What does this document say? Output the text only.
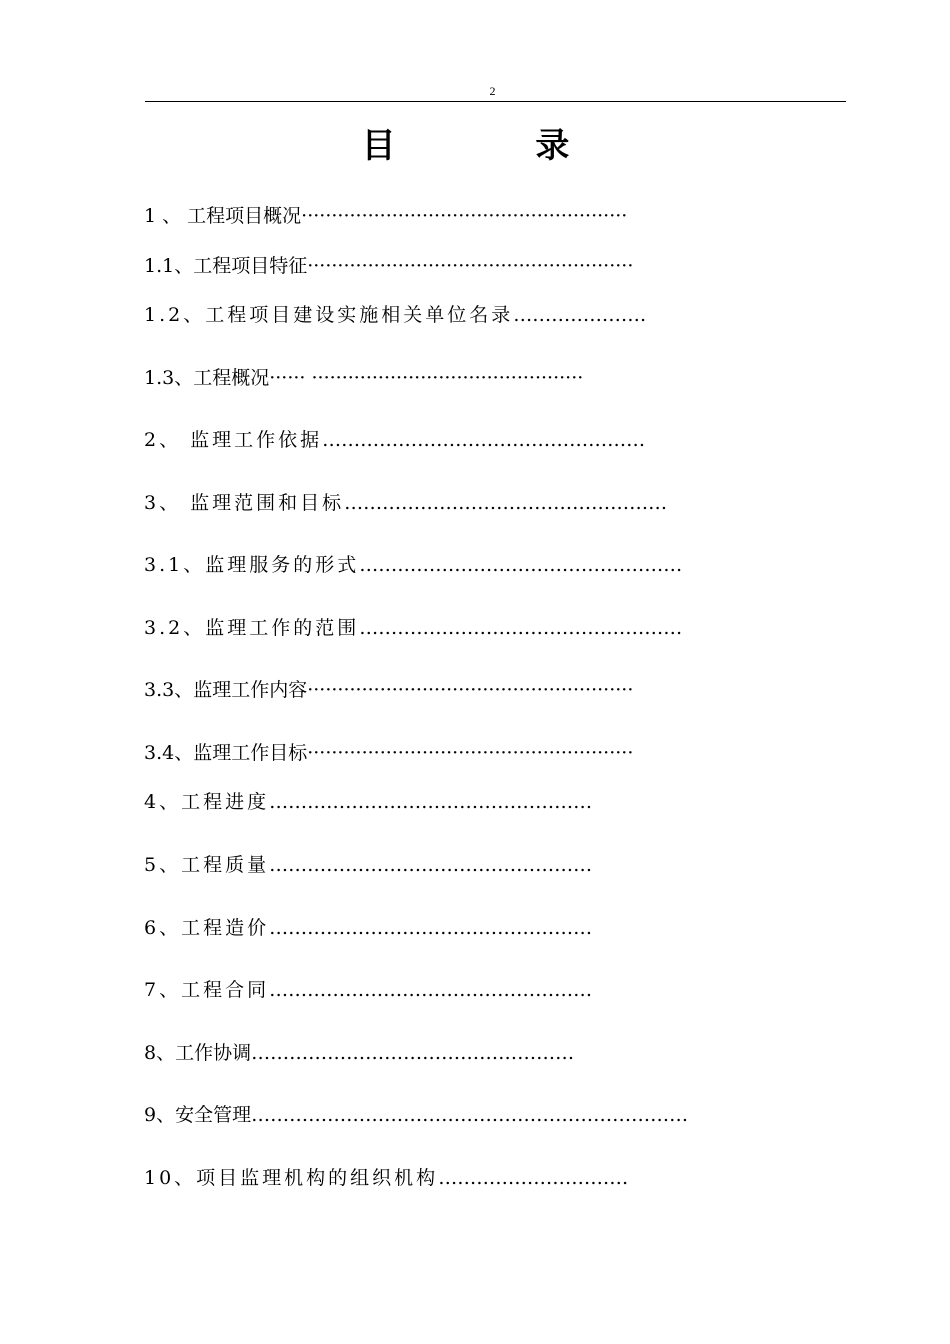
2
目 录
1 、 工程项目概况······················································
1.1、工程项目特征······················································
1.2、工程项目建设实施相关单位名录…………………
1.3、工程概况······ ·············································
2、 监理工作依据……………………………………………
3、 监理范围和目标……………………………………………
3.1、监理服务的形式……………………………………………
3.2、监理工作的范围……………………………………………
3.3、监理工作内容······················································
3.4、监理工作目标······················································
4、工程进度……………………………………………
5、工程质量……………………………………………
6、工程造价……………………………………………
7、工程合同……………………………………………
8、工作协调……………………………………………
9、安全管理……………………………………………………………
10、项目监理机构的组织机构…………………………
